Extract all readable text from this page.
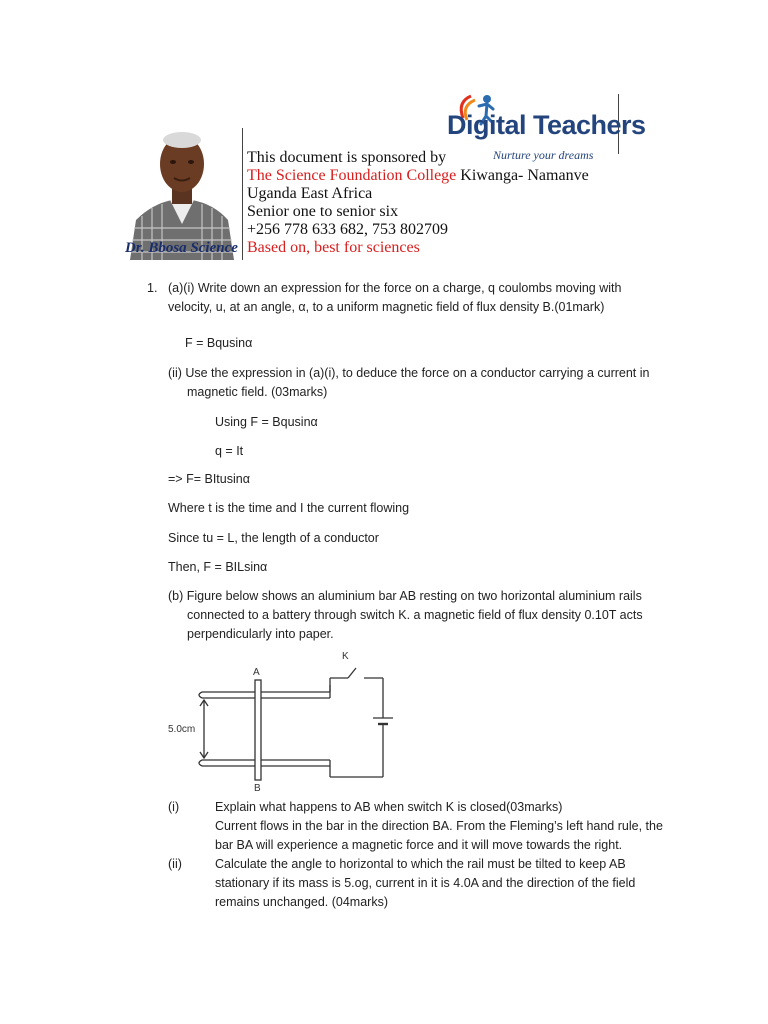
Dr. Bbosa Science
Digital Teachers
Nurture your dreams
This document is sponsored by
The Science Foundation College Kiwanga- Namanve
Uganda East Africa
Senior one to senior six
+256 778 633 682, 753 802709
Based on, best for sciences
1. (a)(i) Write down an expression for the force on a charge, q coulombs moving with velocity, u, at an angle, α, to a uniform magnetic field of flux density B.(01mark)
F = Bqusinα
(ii) Use the expression in (a)(i), to deduce the force on a conductor carrying a current in magnetic field. (03marks)
Using F = Bqusinα
q = It
=> F= BItusinα
Where t is the time and I the current flowing
Since tu = L, the length of a conductor
Then, F = BILsinα
(b) Figure below shows an aluminium bar AB resting on two horizontal aluminium rails connected to a battery through switch K. a magnetic field of flux density 0.10T acts perpendicularly into paper.
K
A
B
5.0cm
(i)	Explain what happens to AB when switch K is closed(03marks)
Current flows in the bar in the direction BA. From the Fleming’s left hand rule, the bar BA will experience a magnetic force and it will move towards the right.
(ii)	Calculate the angle to horizontal to which the rail must be tilted to keep AB stationary if its mass is 5.og, current in it is 4.0A and the direction of the field remains unchanged. (04marks)
